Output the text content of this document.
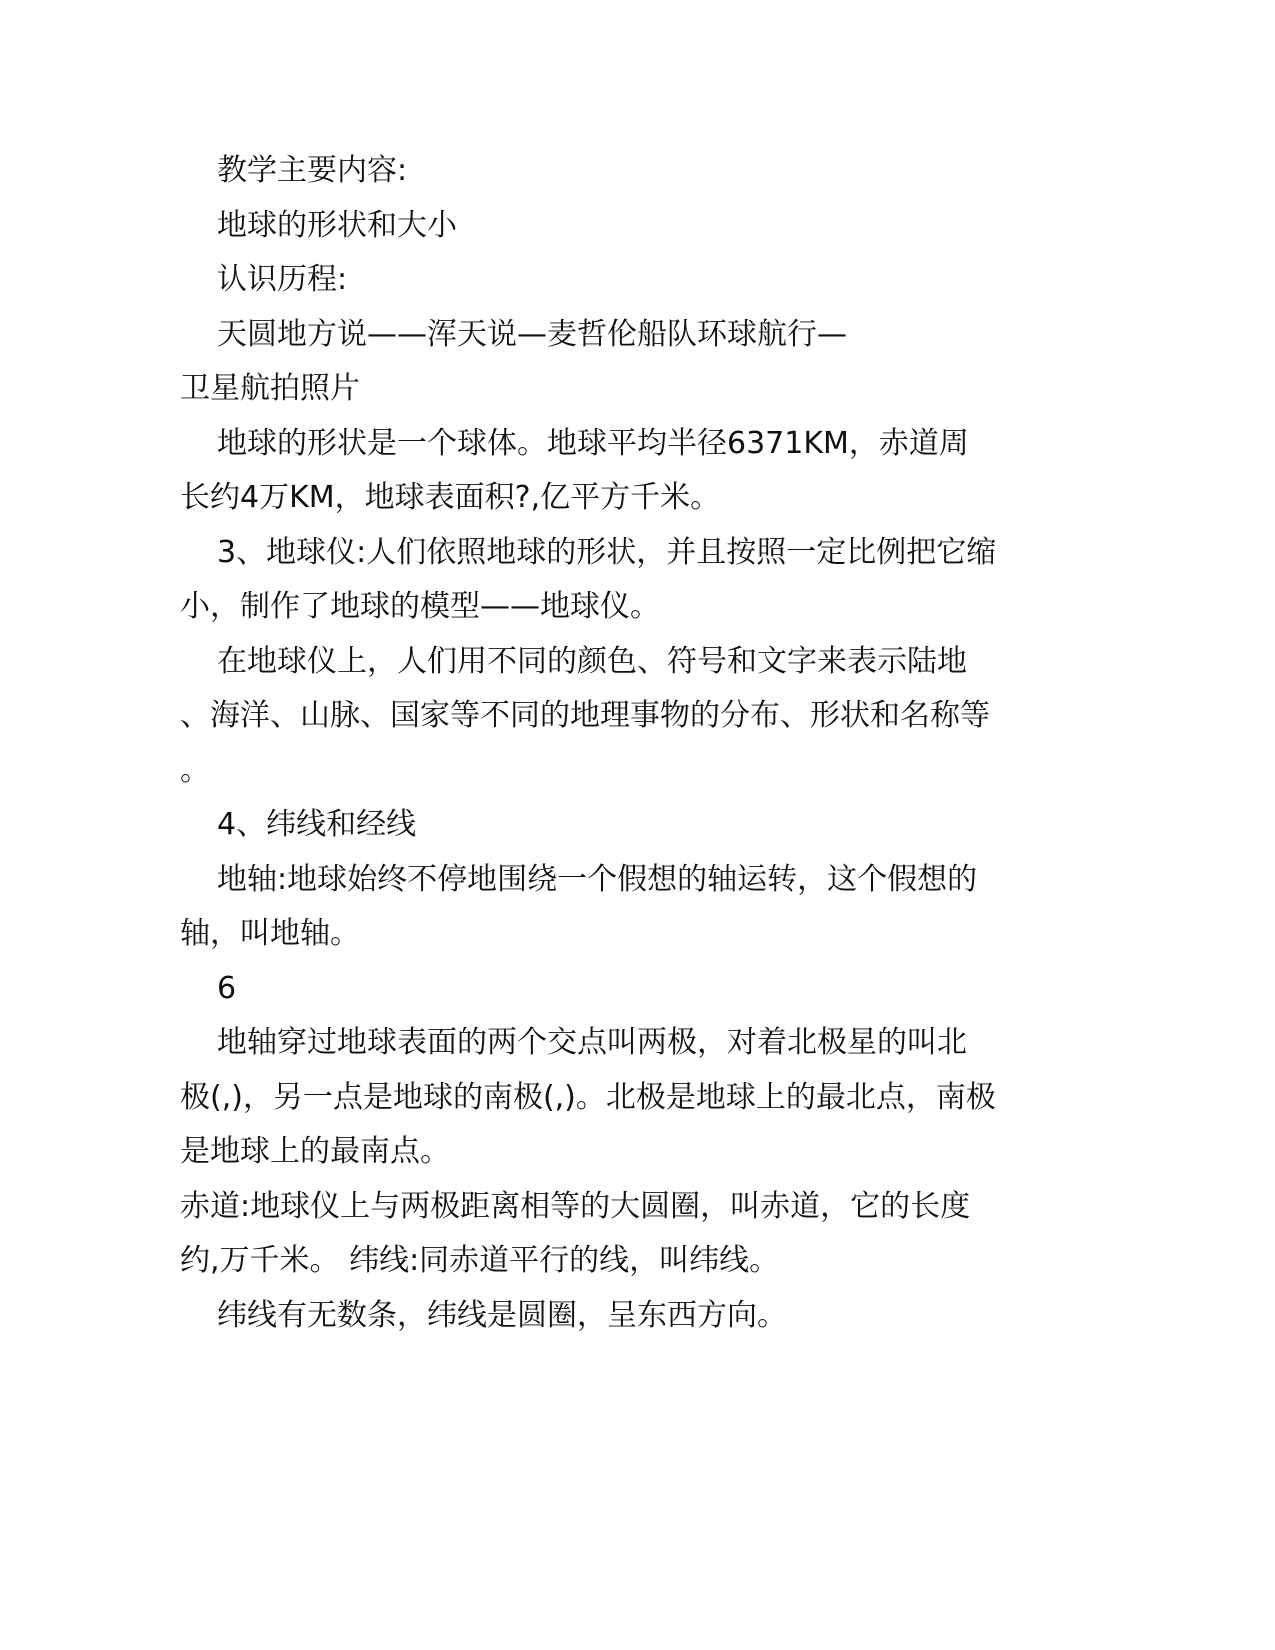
教学主要内容:

地球的形状和大小

认识历程:

天圆地方说——浑天说—麦哲伦船队环球航行—
卫星航拍照片

地球的形状是一个球体。地球平均半径6371KM，赤道周
长约4万KM，地球表面积?,亿平方千米。

3、地球仪:人们依照地球的形状，并且按照一定比例把它缩
小，制作了地球的模型——地球仪。

在地球仪上，人们用不同的颜色、符号和文字来表示陆地
、海洋、山脉、国家等不同的地理事物的分布、形状和名称等
。

4、纬线和经线

地轴:地球始终不停地围绕一个假想的轴运转，这个假想的
轴，叫地轴。

6

地轴穿过地球表面的两个交点叫两极，对着北极星的叫北
极(,)，另一点是地球的南极(,)。北极是地球上的最北点，南极
是地球上的最南点。

赤道:地球仪上与两极距离相等的大圆圈，叫赤道，它的长度
约,万千米。 纬线:同赤道平行的线，叫纬线。

纬线有无数条，纬线是圆圈，呈东西方向。
